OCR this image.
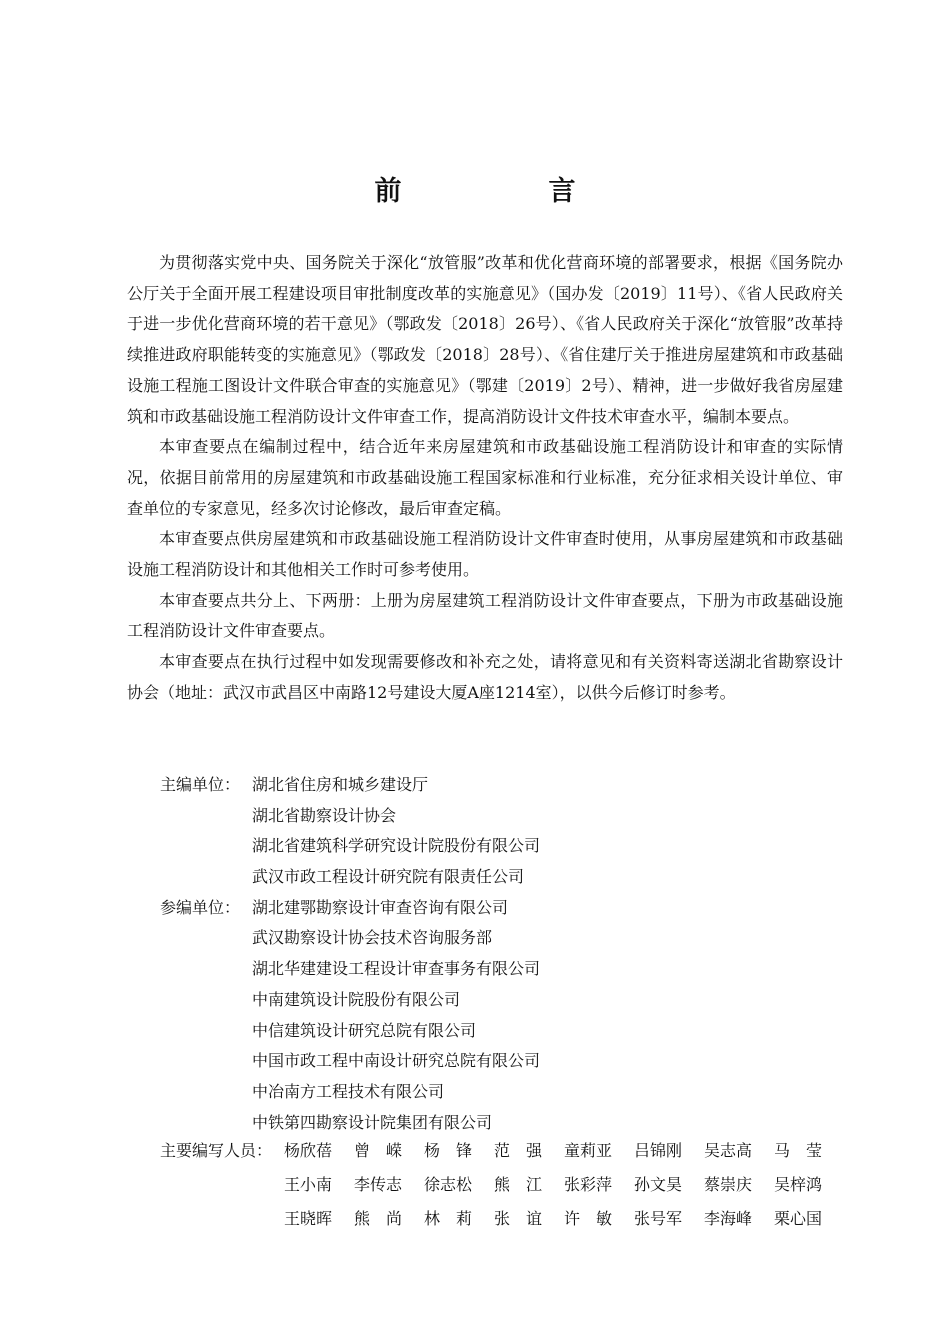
前　言

为贯彻落实党中央、国务院关于深化“放管服”改革和优化营商环境的部署要求，根据《国务院办公厅关于全面开展工程建设项目审批制度改革的实施意见》（国办发〔2019〕11号）、《省人民政府关于进一步优化营商环境的若干意见》（鄂政发〔2018〕26号）、《省人民政府关于深化“放管服”改革持续推进政府职能转变的实施意见》（鄂政发〔2018〕28号）、《省住建厅关于推进房屋建筑和市政基础设施工程施工图设计文件联合审查的实施意见》（鄂建〔2019〕2号）、精神，进一步做好我省房屋建筑和市政基础设施工程消防设计文件审查工作，提高消防设计文件技术审查水平，编制本要点。

本审查要点在编制过程中，结合近年来房屋建筑和市政基础设施工程消防设计和审查的实际情况，依据目前常用的房屋建筑和市政基础设施工程国家标准和行业标准，充分征求相关设计单位、审查单位的专家意见，经多次讨论修改，最后审查定稿。

本审查要点供房屋建筑和市政基础设施工程消防设计文件审查时使用，从事房屋建筑和市政基础设施工程消防设计和其他相关工作时可参考使用。

本审查要点共分上、下两册：上册为房屋建筑工程消防设计文件审查要点，下册为市政基础设施工程消防设计文件审查要点。

本审查要点在执行过程中如发现需要修改和补充之处，请将意见和有关资料寄送湖北省勘察设计协会（地址：武汉市武昌区中南路12号建设大厦A座1214室），以供今后修订时参考。

主编单位： 湖北省住房和城乡建设厅
湖北省勘察设计协会
湖北省建筑科学研究设计院股份有限公司
武汉市政工程设计研究院有限责任公司
参编单位： 湖北建鄂勘察设计审查咨询有限公司
武汉勘察设计协会技术咨询服务部
湖北华建建设工程设计审查事务有限公司
中南建筑设计院股份有限公司
中信建筑设计研究总院有限公司
中国市政工程中南设计研究总院有限公司
中冶南方工程技术有限公司
中铁第四勘察设计院集团有限公司
主要编写人员： 杨欣蓓	曾　嵘	杨　锋	范　强	童莉亚	吕锦刚	吴志高	马　莹
王小南	李传志	徐志松	熊　江	张彩萍	孙文昊	蔡崇庆	吴梓鸿
王晓晖	熊　尚	林　莉	张　谊	许　敏	张号军	李海峰	栗心国
